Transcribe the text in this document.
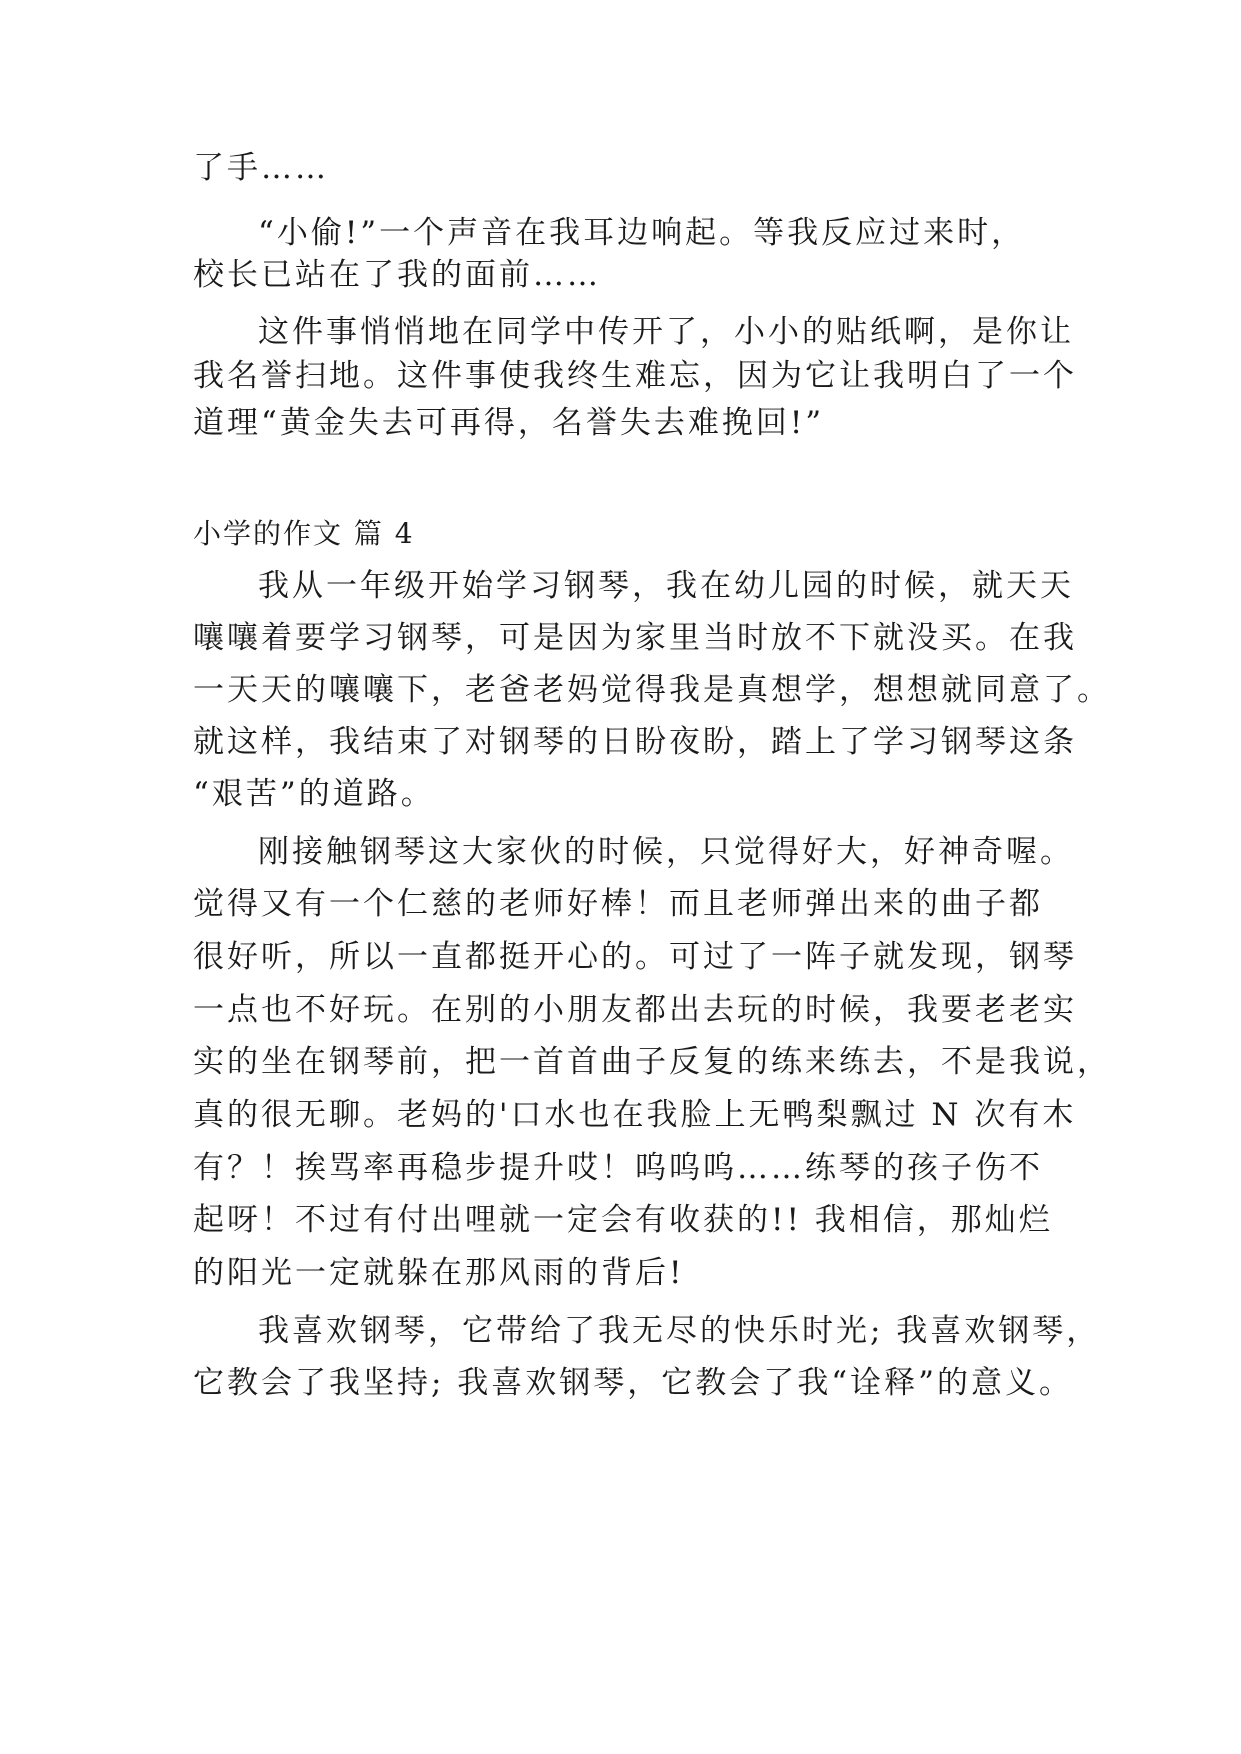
了手……
“小偷!”一个声音在我耳边响起。等我反应过来时，
校长已站在了我的面前……
这件事悄悄地在同学中传开了，小小的贴纸啊，是你让
我名誉扫地。这件事使我终生难忘，因为它让我明白了一个
道理“黄金失去可再得，名誉失去难挽回!”
小学的作文 篇 4
我从一年级开始学习钢琴，我在幼儿园的时候，就天天
嚷嚷着要学习钢琴，可是因为家里当时放不下就没买。在我
一天天的嚷嚷下，老爸老妈觉得我是真想学，想想就同意了。
就这样，我结束了对钢琴的日盼夜盼，踏上了学习钢琴这条
“艰苦”的道路。
刚接触钢琴这大家伙的时候，只觉得好大，好神奇喔。
觉得又有一个仁慈的老师好棒！而且老师弹出来的曲子都
很好听，所以一直都挺开心的。可过了一阵子就发现，钢琴
一点也不好玩。在别的小朋友都出去玩的时候，我要老老实
实的坐在钢琴前，把一首首曲子反复的练来练去，不是我说，
真的很无聊。老妈的'口水也在我脸上无鸭梨飘过 N 次有木
有？！挨骂率再稳步提升哎！呜呜呜……练琴的孩子伤不
起呀！不过有付出哩就一定会有收获的!! 我相信，那灿烂
的阳光一定就躲在那风雨的背后!
我喜欢钢琴，它带给了我无尽的快乐时光; 我喜欢钢琴，
它教会了我坚持; 我喜欢钢琴，它教会了我“诠释”的意义。
